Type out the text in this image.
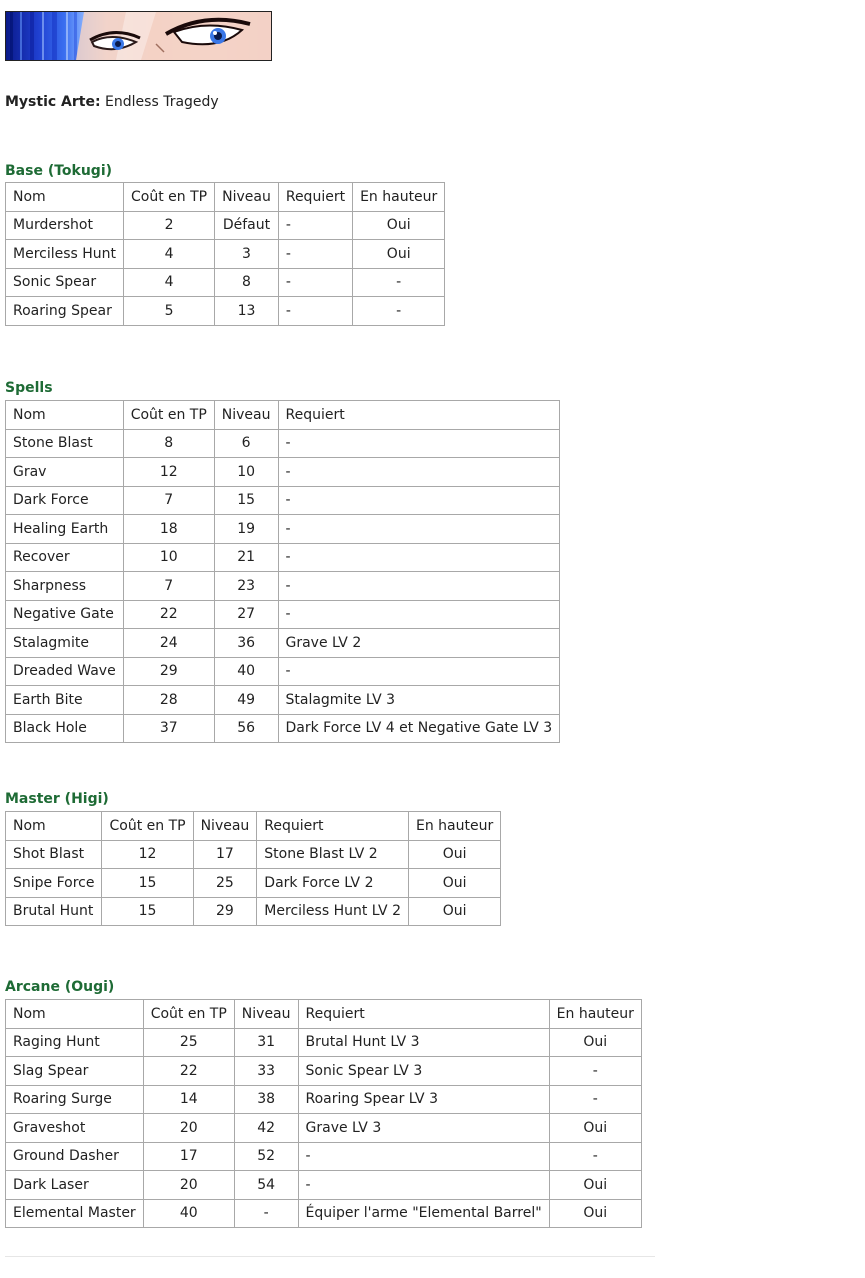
Mystic Arte: Endless Tragedy
Base (Tokugi)
Nom	Coût en TP	Niveau	Requiert	En hauteur
Murdershot	2	Défaut	-	Oui
Merciless Hunt	4	3	-	Oui
Sonic Spear	4	8	-	-
Roaring Spear	5	13	-	-
Spells
Nom	Coût en TP	Niveau	Requiert
Stone Blast	8	6	-
Grav	12	10	-
Dark Force	7	15	-
Healing Earth	18	19	-
Recover	10	21	-
Sharpness	7	23	-
Negative Gate	22	27	-
Stalagmite	24	36	Grave LV 2
Dreaded Wave	29	40	-
Earth Bite	28	49	Stalagmite LV 3
Black Hole	37	56	Dark Force LV 4 et Negative Gate LV 3
Master (Higi)
Nom	Coût en TP	Niveau	Requiert	En hauteur
Shot Blast	12	17	Stone Blast LV 2	Oui
Snipe Force	15	25	Dark Force LV 2	Oui
Brutal Hunt	15	29	Merciless Hunt LV 2	Oui
Arcane (Ougi)
Nom	Coût en TP	Niveau	Requiert	En hauteur
Raging Hunt	25	31	Brutal Hunt LV 3	Oui
Slag Spear	22	33	Sonic Spear LV 3	-
Roaring Surge	14	38	Roaring Spear LV 3	-
Graveshot	20	42	Grave LV 3	Oui
Ground Dasher	17	52	-	-
Dark Laser	20	54	-	Oui
Elemental Master	40	-	Équiper l'arme "Elemental Barrel"	Oui
